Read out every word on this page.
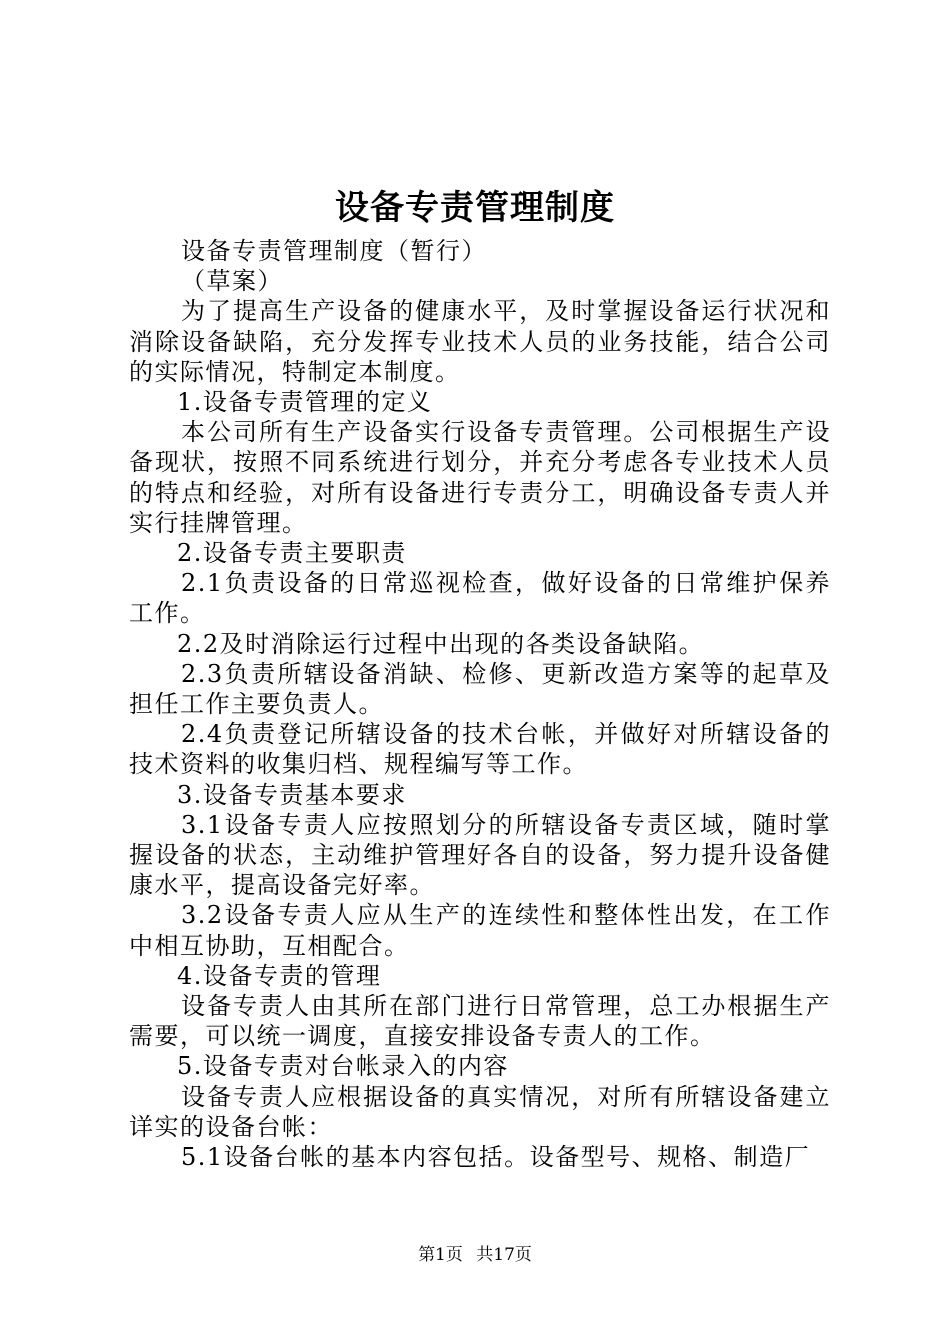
设备专责管理制度

设备专责管理制度（暂行）

（草案）

为了提高生产设备的健康水平，及时掌握设备运行状况和消除设备缺陷，充分发挥专业技术人员的业务技能，结合公司的实际情况，特制定本制度。

1.设备专责管理的定义

本公司所有生产设备实行设备专责管理。公司根据生产设备现状，按照不同系统进行划分，并充分考虑各专业技术人员的特点和经验，对所有设备进行专责分工，明确设备专责人并实行挂牌管理。

2.设备专责主要职责

2.1负责设备的日常巡视检查，做好设备的日常维护保养工作。

2.2及时消除运行过程中出现的各类设备缺陷。

2.3负责所辖设备消缺、检修、更新改造方案等的起草及担任工作主要负责人。

2.4负责登记所辖设备的技术台帐，并做好对所辖设备的技术资料的收集归档、规程编写等工作。

3.设备专责基本要求

3.1设备专责人应按照划分的所辖设备专责区域，随时掌握设备的状态，主动维护管理好各自的设备，努力提升设备健康水平，提高设备完好率。

3.2设备专责人应从生产的连续性和整体性出发，在工作中相互协助，互相配合。

4.设备专责的管理

设备专责人由其所在部门进行日常管理，总工办根据生产需要，可以统一调度，直接安排设备专责人的工作。

5.设备专责对台帐录入的内容

设备专责人应根据设备的真实情况，对所有所辖设备建立详实的设备台帐：

5.1设备台帐的基本内容包括。设备型号、规格、制造厂

第1页 共17页
